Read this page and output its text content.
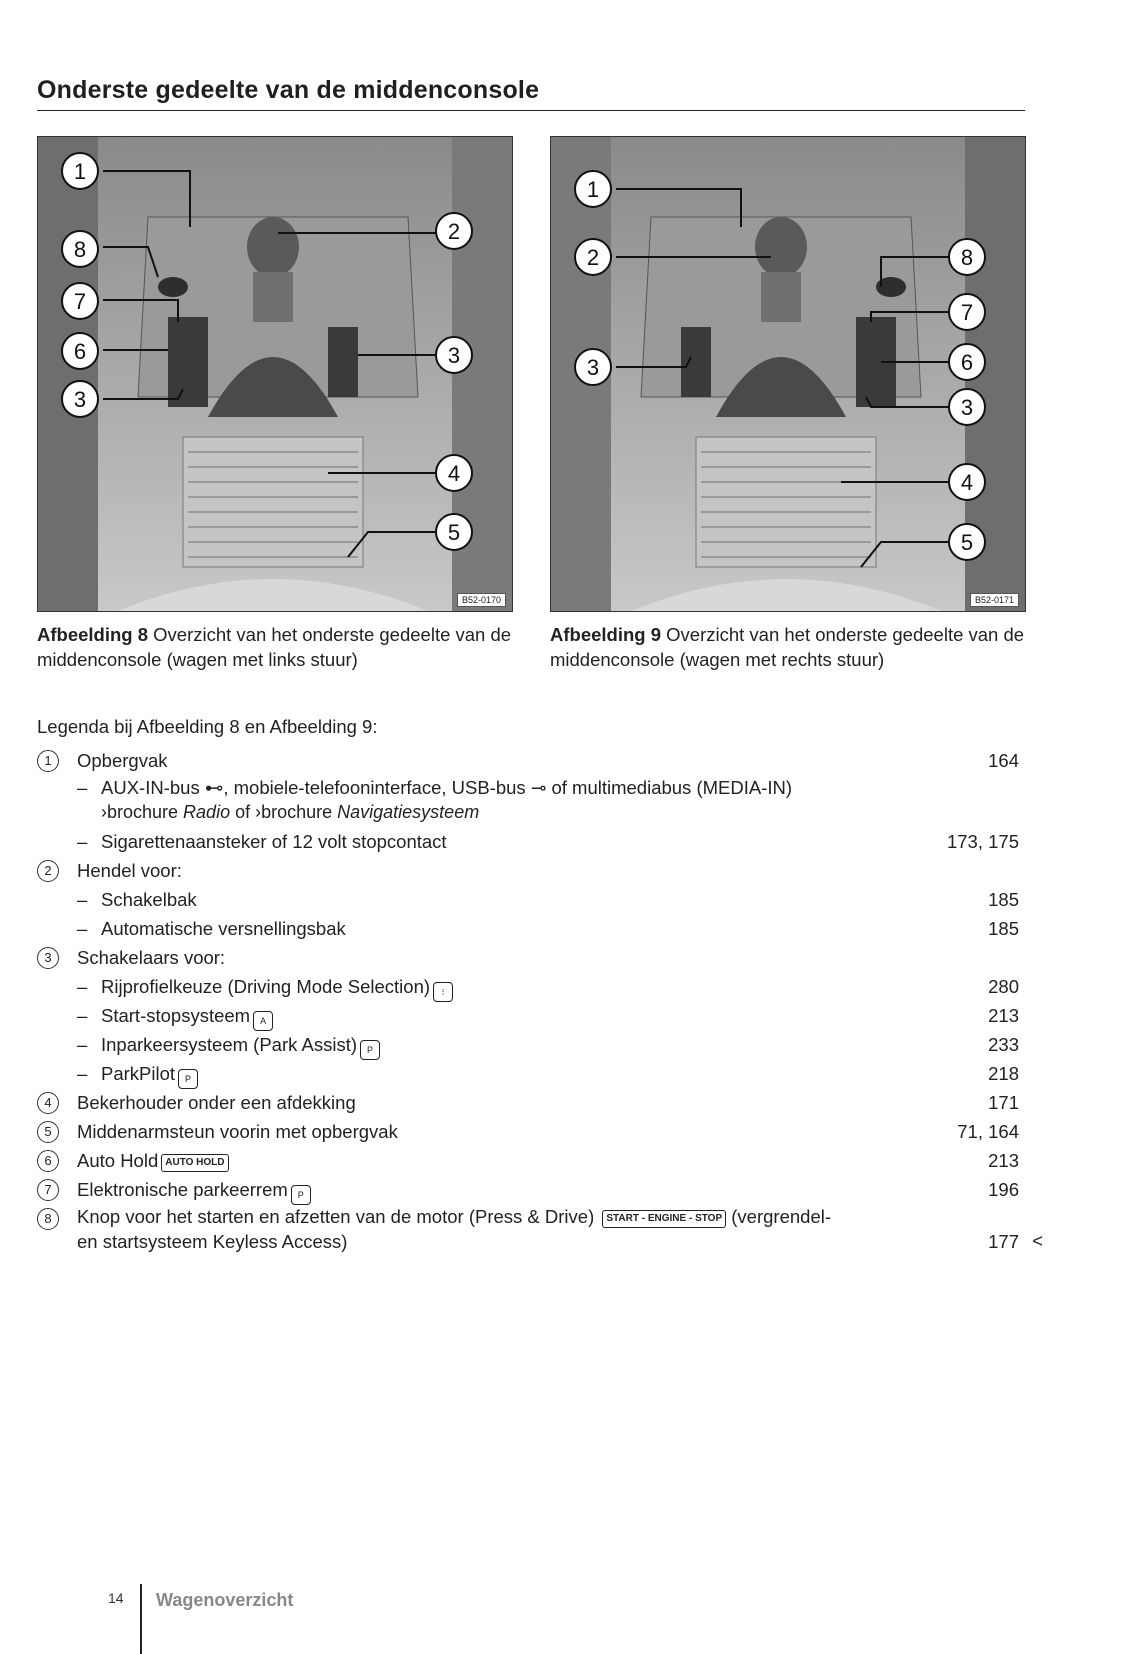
Onderste gedeelte van de middenconsole
1
8
7
6
3
2
3
4
5
B52-0170
1
2
3
8
7
6
3
4
5
B52-0171
Afbeelding 8 Overzicht van het onderste gedeelte van de middenconsole (wagen met links stuur)
Afbeelding 9 Overzicht van het onderste gedeelte van de middenconsole (wagen met rechts stuur)
Legenda bij Afbeelding 8 en Afbeelding 9:
1	Opbergvak	164
– AUX-IN-bus ⊷, mobiele-telefooninterface, USB-bus ⊸ of multimediabus (MEDIA-IN)
›brochure Radio of ›brochure Navigatiesysteem
– Sigarettenaansteker of 12 volt stopcontact	173, 175
2	Hendel voor:
– Schakelbak	185
– Automatische versnellingsbak	185
3	Schakelaars voor:
– Rijprofielkeuze (Driving Mode Selection) ⁝	280
– Start-stopsysteem A	213
– Inparkeersysteem (Park Assist) P	233
– ParkPilot P	218
4	Bekerhouder onder een afdekking	171
5	Middenarmsteun voorin met opbergvak	71, 164
6	Auto Hold AUTO HOLD	213
7	Elektronische parkeerrem P	196
8	Knop voor het starten en afzetten van de motor (Press & Drive) START - ENGINE - STOP (vergrendel-
en startsysteem Keyless Access)	177 <
14 Wagenoverzicht
